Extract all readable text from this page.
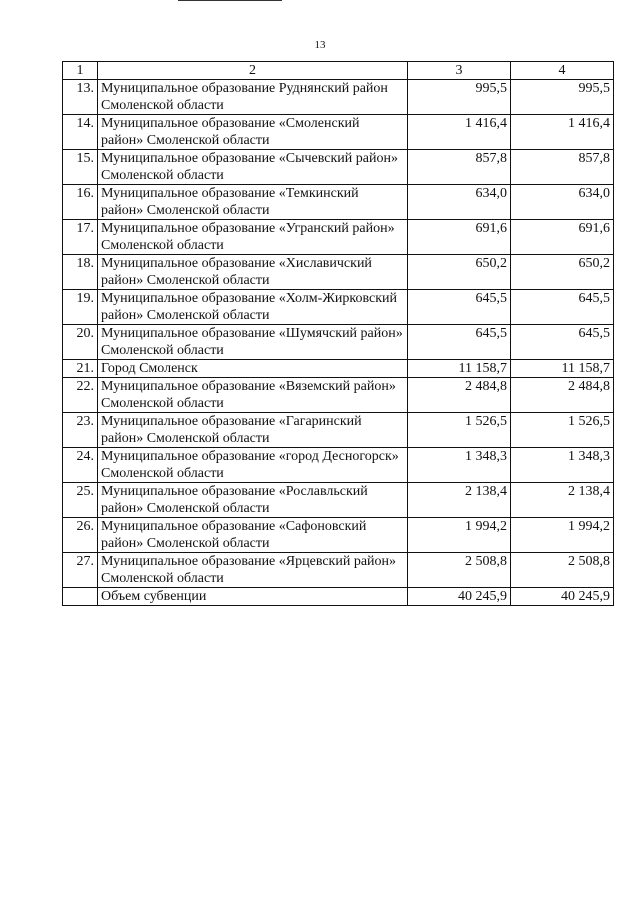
13
1	2	3	4
13.	Муниципальное образование Руднянский район Смоленской области	995,5	995,5
14.	Муниципальное образование «Смоленский район» Смоленской области	1 416,4	1 416,4
15.	Муниципальное образование «Сычевский район» Смоленской области	857,8	857,8
16.	Муниципальное образование «Темкинский район» Смоленской области	634,0	634,0
17.	Муниципальное образование «Угранский район» Смоленской области	691,6	691,6
18.	Муниципальное образование «Хиславичский район» Смоленской области	650,2	650,2
19.	Муниципальное образование «Холм-Жирковский район» Смоленской области	645,5	645,5
20.	Муниципальное образование «Шумячский район» Смоленской области	645,5	645,5
21.	Город Смоленск	11 158,7	11 158,7
22.	Муниципальное образование «Вяземский район» Смоленской области	2 484,8	2 484,8
23.	Муниципальное образование «Гагаринский район» Смоленской области	1 526,5	1 526,5
24.	Муниципальное образование «город Десногорск» Смоленской области	1 348,3	1 348,3
25.	Муниципальное образование «Рославльский район» Смоленской области	2 138,4	2 138,4
26.	Муниципальное образование «Сафоновский район» Смоленской области	1 994,2	1 994,2
27.	Муниципальное образование «Ярцевский район» Смоленской области	2 508,8	2 508,8
	Объем субвенции	40 245,9	40 245,9
